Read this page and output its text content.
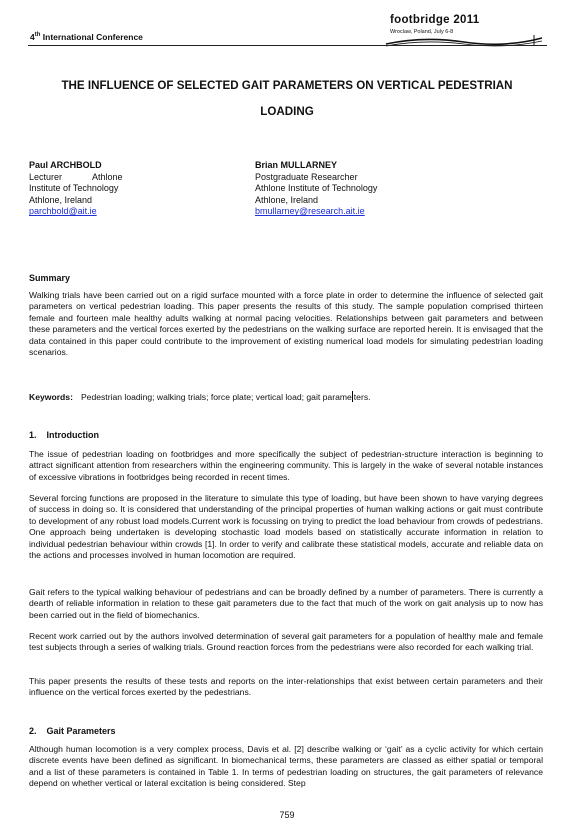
4th International Conference
footbridge 2011
Wroclaw, Poland, July 6-8
THE INFLUENCE OF SELECTED GAIT PARAMETERS ON VERTICAL PEDESTRIAN
LOADING
Paul ARCHBOLD
Lecturer	Athlone
Institute of Technology
Athlone, Ireland
parchbold@ait.ie
Brian MULLARNEY
Postgraduate Researcher
Athlone Institute of Technology
Athlone, Ireland
bmullarney@research.ait.ie
Summary
Walking trials have been carried out on a rigid surface mounted with a force plate in order to determine the influence of selected gait parameters on vertical pedestrian loading. This paper presents the results of this study. The sample population comprised thirteen female and fourteen male healthy adults walking at normal pacing velocities. Relationships between gait parameters and between these parameters and the vertical forces exerted by the pedestrians on the walking surface are reported herein. It is envisaged that the data contained in this paper could contribute to the improvement of existing numerical load models for simulating pedestrian loading scenarios.
Keywords: Pedestrian loading; walking trials; force plate; vertical load; gait parame ters.
1.    Introduction
The issue of pedestrian loading on footbridges and more specifically the subject of pedestrian-structure interaction is beginning to attract significant attention from researchers within the engineering community. This is largely in the wake of several notable instances of excessive vibrations in footbridges being recorded in recent times.
Several forcing functions are proposed in the literature to simulate this type of loading, but have been shown to have varying degrees of success in doing so. It is considered that understanding of the principal properties of human walking actions or gait must contribute to development of any robust load models.Current work is focussing on trying to predict the load behaviour from crowds of pedestrians. One approach being undertaken is developing stochastic load models based on statistically accurate information in relation to individual pedestrian behaviour within crowds [1]. In order to verify and calibrate these statistical models, accurate and reliable data on the actions and processes involved in human locomotion are required.
Gait refers to the typical walking behaviour of pedestrians and can be broadly defined by a number of parameters. There is currently a dearth of reliable information in relation to these gait parameters due to the fact that much of the work on gait analysis up to now has been carried out in the field of biomechanics.
Recent work carried out by the authors involved determination of several gait parameters for a population of healthy male and female test subjects through a series of walking trials. Ground reaction forces from the pedestrians were also recorded for each walking trial.
This paper presents the results of these tests and reports on the inter-relationships that exist between certain parameters and their influence on the vertical forces exerted by the pedestrians.
2.    Gait Parameters
Although human locomotion is a very complex process, Davis et al. [2] describe walking or ‘gait’ as a cyclic activity for which certain discrete events have been defined as significant. In biomechanical terms, these parameters are classed as either spatial or temporal and a list of these parameters is contained in Table 1. In terms of pedestrian loading on structures, the gait parameters of relevance depend on whether vertical or lateral excitation is being considered. Step
759
